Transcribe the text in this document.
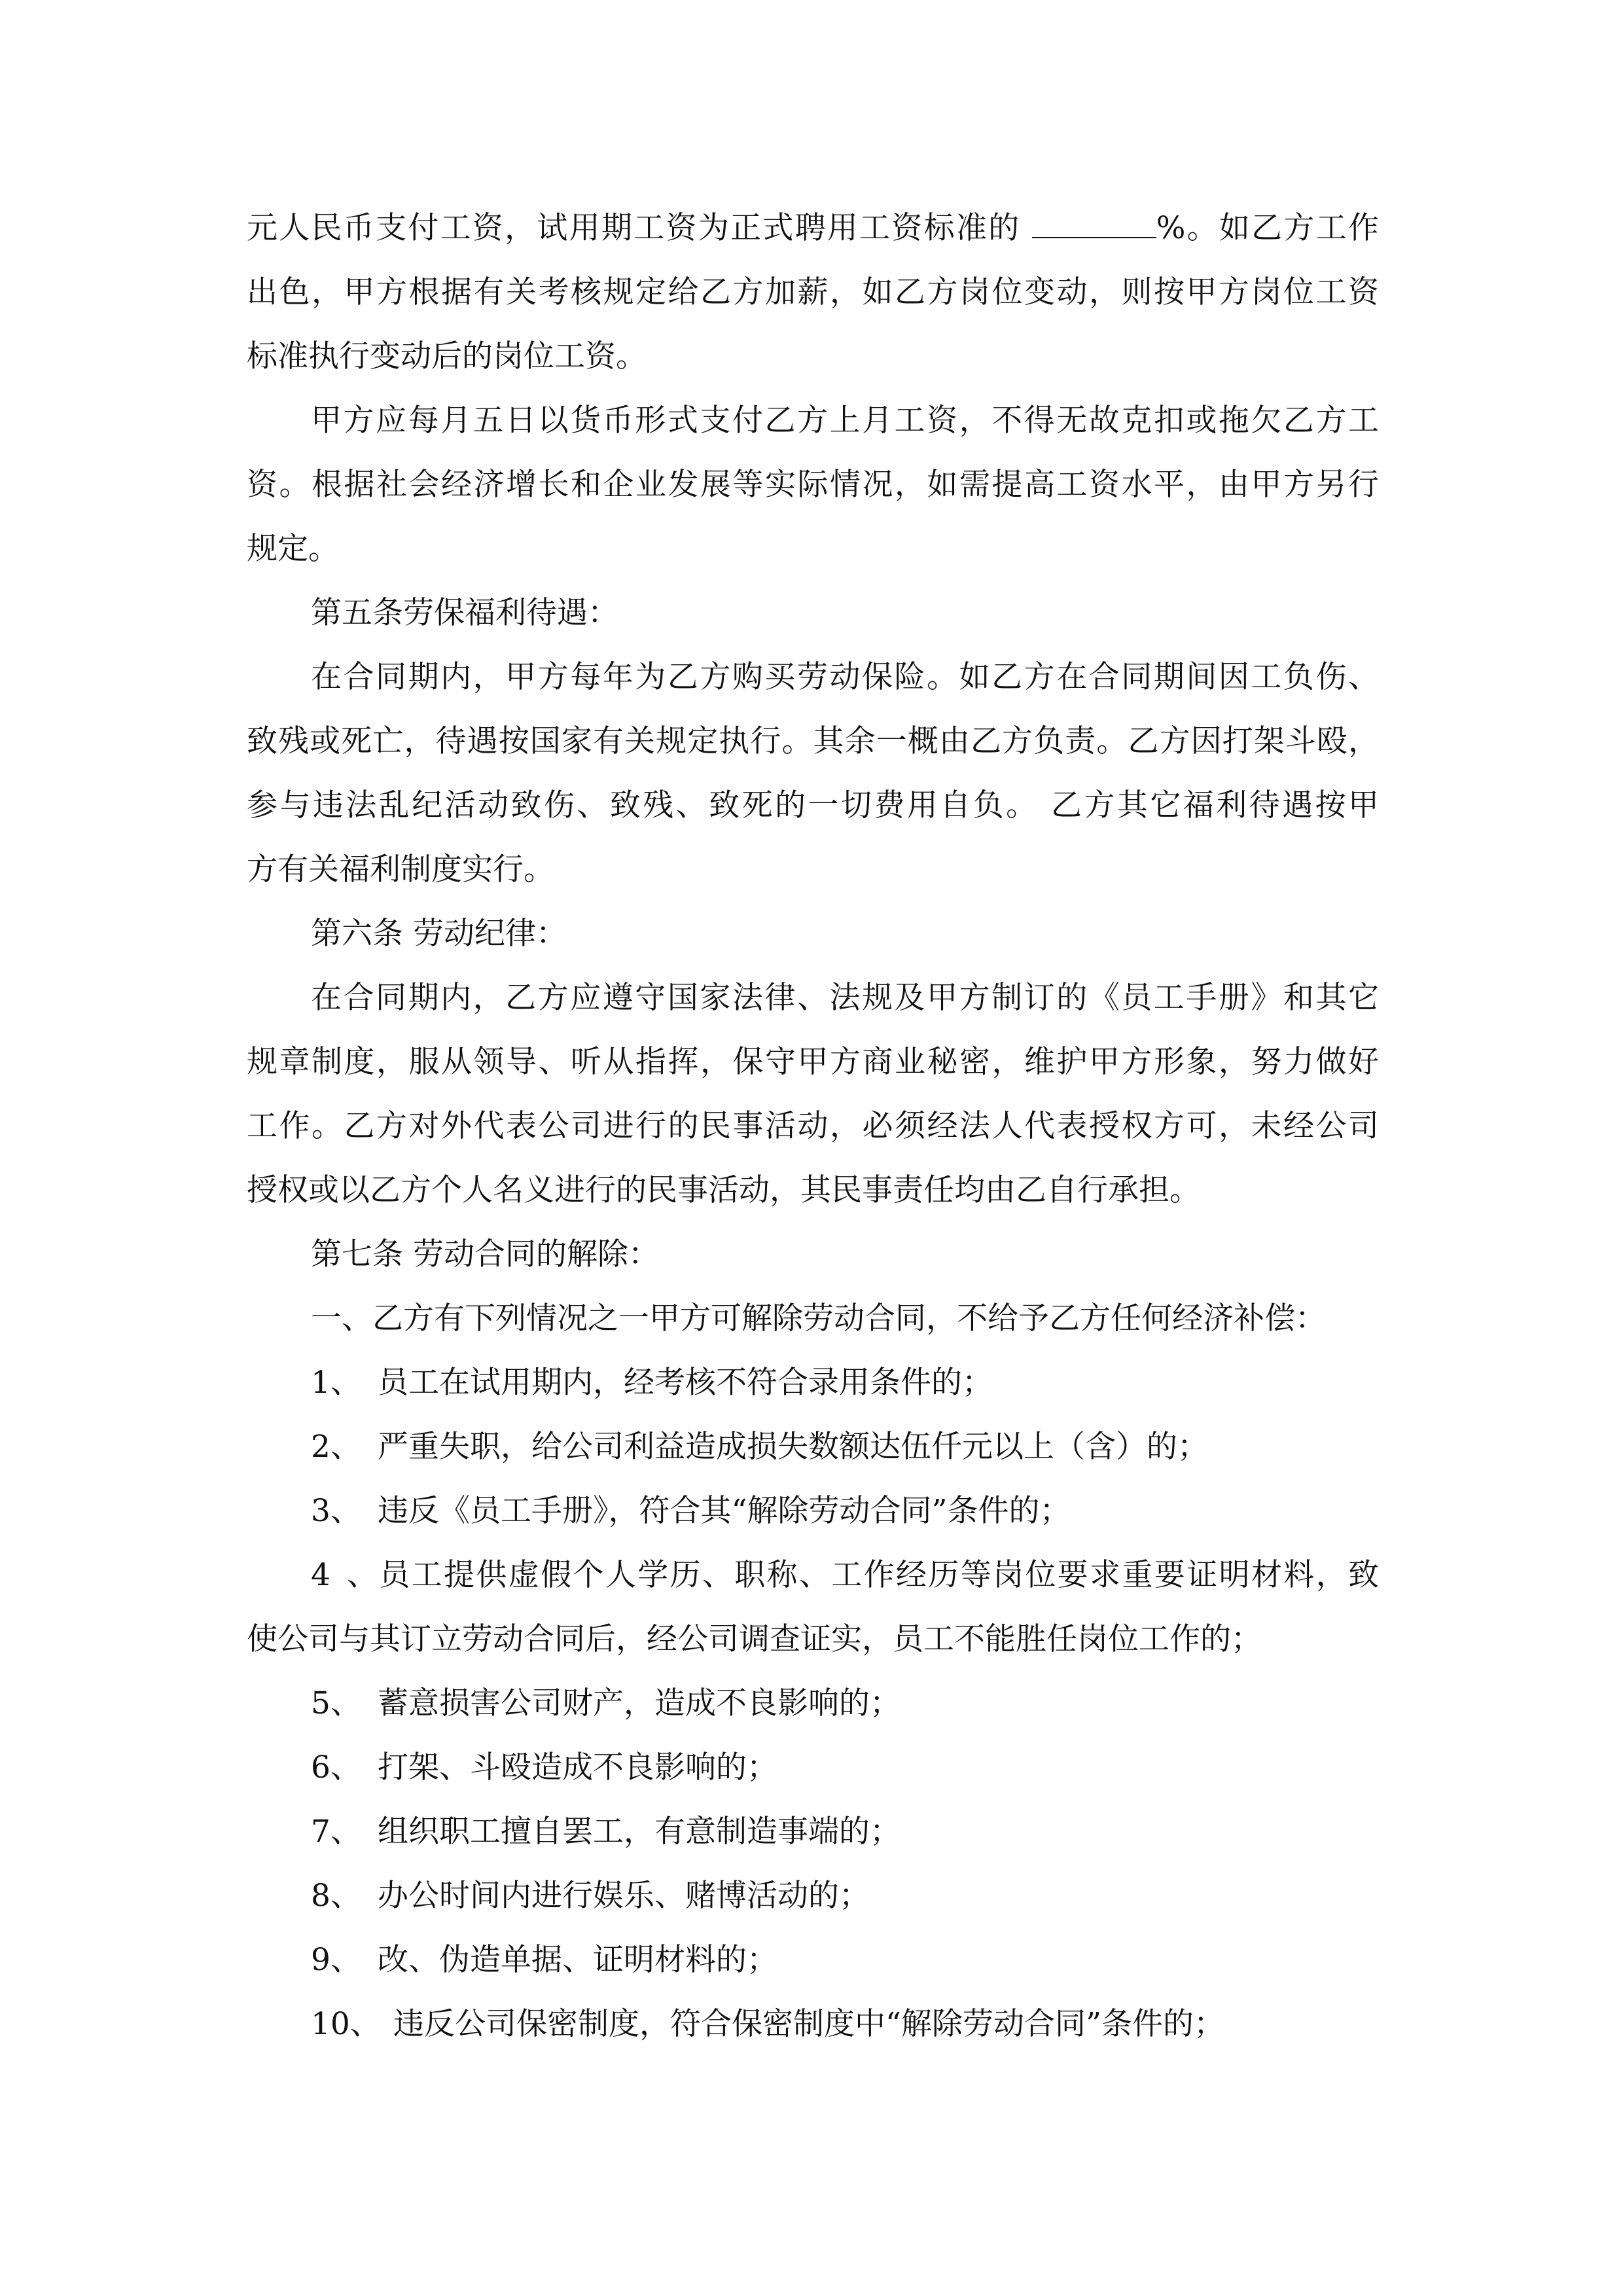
元人民币支付工资，试用期工资为正式聘用工资标准的	%。如乙方工作
出色，甲方根据有关考核规定给乙方加薪，如乙方岗位变动，则按甲方岗位工资
标准执行变动后的岗位工资。
甲方应每月五日以货币形式支付乙方上月工资，不得无故克扣或拖欠乙方工
资。根据社会经济增长和企业发展等实际情况，如需提高工资水平，由甲方另行
规定。
第五条劳保福利待遇：
在合同期内，甲方每年为乙方购买劳动保险。如乙方在合同期间因工负伤、
致残或死亡，待遇按国家有关规定执行。其余一概由乙方负责。乙方因打架斗殴，
参与违法乱纪活动致伤、致残、致死的一切费用自负。 乙方其它福利待遇按甲
方有关福利制度实行。
第六条 劳动纪律：
在合同期内，乙方应遵守国家法律、法规及甲方制订的《员工手册》和其它
规章制度，服从领导、听从指挥，保守甲方商业秘密，维护甲方形象，努力做好
工作。乙方对外代表公司进行的民事活动，必须经法人代表授权方可，未经公司
授权或以乙方个人名义进行的民事活动，其民事责任均由乙自行承担。
第七条 劳动合同的解除：
一、乙方有下列情况之一甲方可解除劳动合同，不给予乙方任何经济补偿：
1、 员工在试用期内，经考核不符合录用条件的；
2、 严重失职，给公司利益造成损失数额达伍仟元以上（含）的；
3、 违反《员工手册》，符合其“解除劳动合同”条件的；
4、员工提供虚假个人学历、职称、工作经历等岗位要求重要证明材料，致
使公司与其订立劳动合同后，经公司调查证实，员工不能胜任岗位工作的；
5、 蓄意损害公司财产，造成不良影响的；
6、 打架、斗殴造成不良影响的；
7、 组织职工擅自罢工，有意制造事端的；
8、 办公时间内进行娱乐、赌博活动的；
9、 改、伪造单据、证明材料的；
10、 违反公司保密制度，符合保密制度中“解除劳动合同”条件的；
